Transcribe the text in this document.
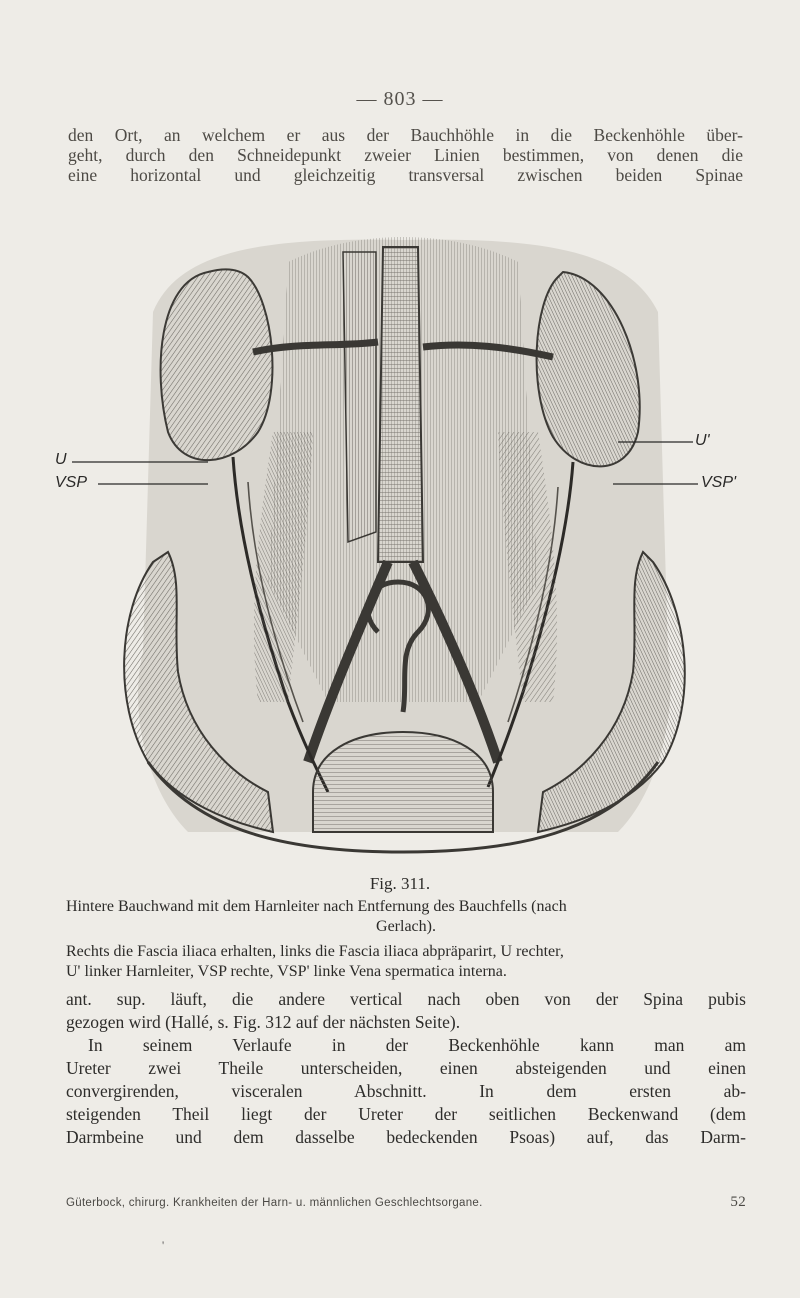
— 803 —
den Ort, an welchem er aus der Bauchhöhle in die Beckenhöhle über-
geht, durch den Schneidepunkt zweier Linien bestimmen, von denen die
eine horizontal und gleichzeitig transversal zwischen beiden Spinae
U
VSP
U'
VSP'
Fig. 311.
Hintere Bauchwand mit dem Harnleiter nach Entfernung des Bauchfells (nach
Gerlach).
Rechts die Fascia iliaca erhalten, links die Fascia iliaca abpräparirt, U rechter,
U' linker Harnleiter, VSP rechte, VSP' linke Vena spermatica interna.
ant. sup. läuft, die andere vertical nach oben von der Spina pubis
gezogen wird (Hallé, s. Fig. 312 auf der nächsten Seite).
In seinem Verlaufe in der Beckenhöhle kann man am
Ureter zwei Theile unterscheiden, einen absteigenden und einen
convergirenden, visceralen Abschnitt. In dem ersten ab-
steigenden Theil liegt der Ureter der seitlichen Beckenwand (dem
Darmbeine und dem dasselbe bedeckenden Psoas) auf, das Darm-
Güterbock, chirurg. Krankheiten der Harn- u. männlichen Geschlechtsorgane.	52
'
